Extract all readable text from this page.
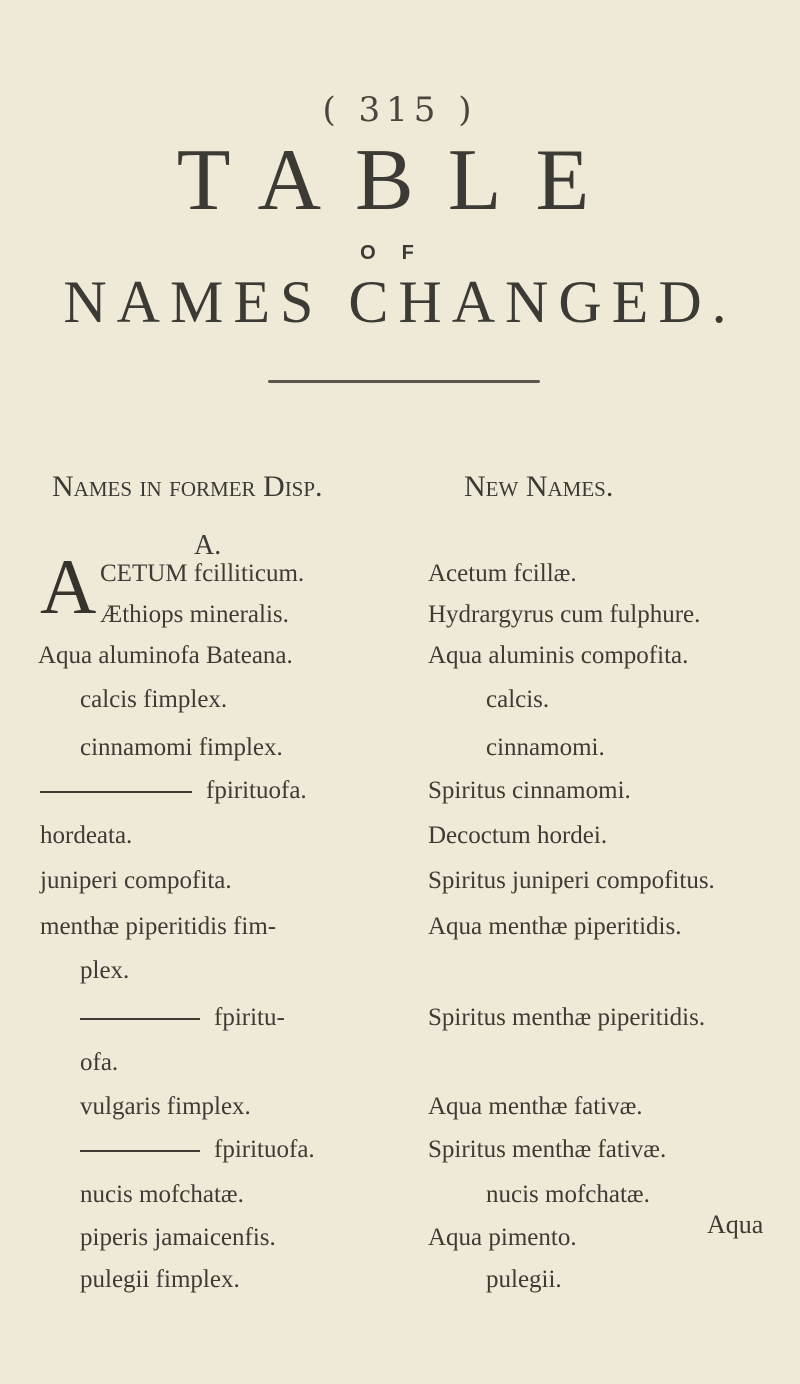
( 315 )
TABLE
OF
NAMES CHANGED.
Names in former Disp.	New Names.
A.
A CETUM fcilliticum.
Æthiops mineralis.
Aqua aluminofa Bateana.
calcis fimplex.
cinnamomi fimplex.
fpirituofa.
hordeata.
juniperi compofita.
menthæ piperitidis fim-
plex.
fpiritu-
ofa.
vulgaris fimplex.
fpirituofa.
nucis mofchatæ.
piperis jamaicenfis.
pulegii fimplex.
Acetum fcillæ.
Hydrargyrus cum fulphure.
Aqua aluminis compofita.
calcis.
cinnamomi.
Spiritus cinnamomi.
Decoctum hordei.
Spiritus juniperi compofitus.
Aqua menthæ piperitidis.
Spiritus menthæ piperitidis.
Aqua menthæ fativæ.
Spiritus menthæ fativæ.
nucis mofchatæ.
Aqua pimento.
pulegii.
Aqua
